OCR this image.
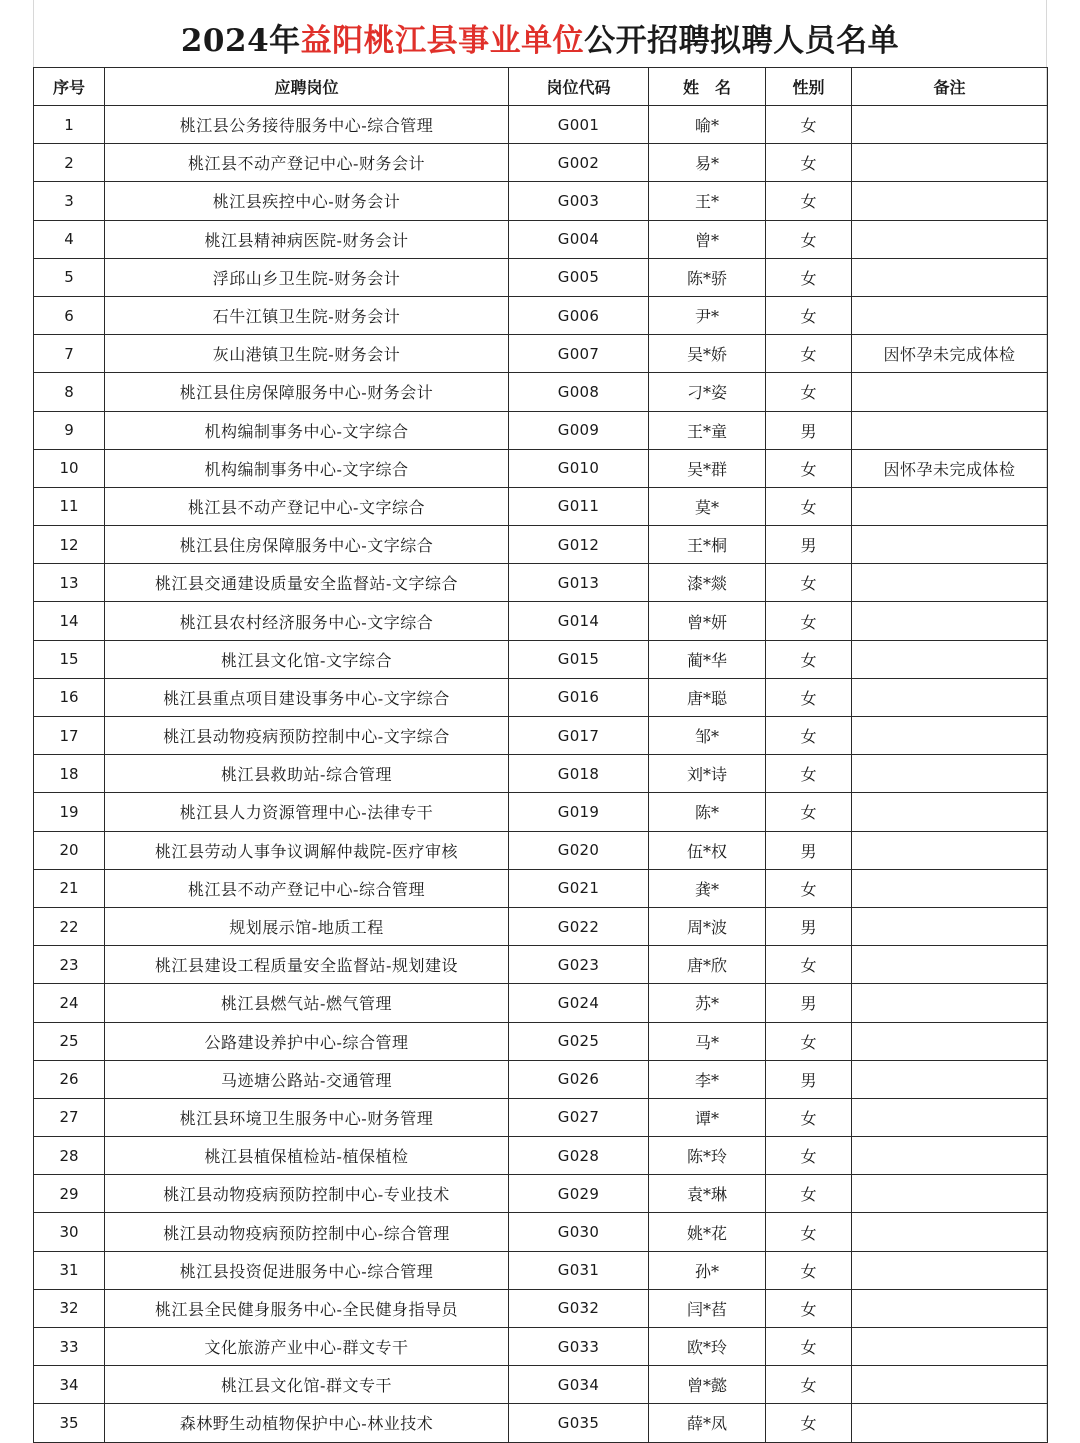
2024年 益阳桃江县事业单位 公开招聘拟聘人员名单
序号	应聘岗位	岗位代码	姓　名	性别	备注
1	桃江县公务接待服务中心-综合管理	G001	喻*	女	
2	桃江县不动产登记中心-财务会计	G002	易*	女	
3	桃江县疾控中心-财务会计	G003	王*	女	
4	桃江县精神病医院-财务会计	G004	曾*	女	
5	浮邱山乡卫生院-财务会计	G005	陈*骄	女	
6	石牛江镇卫生院-财务会计	G006	尹*	女	
7	灰山港镇卫生院-财务会计	G007	吴*娇	女	因怀孕未完成体检
8	桃江县住房保障服务中心-财务会计	G008	刁*姿	女	
9	机构编制事务中心-文字综合	G009	王*童	男	
10	机构编制事务中心-文字综合	G010	吴*群	女	因怀孕未完成体检
11	桃江县不动产登记中心-文字综合	G011	莫*	女	
12	桃江县住房保障服务中心-文字综合	G012	王*桐	男	
13	桃江县交通建设质量安全监督站-文字综合	G013	漆*燚	女	
14	桃江县农村经济服务中心-文字综合	G014	曾*妍	女	
15	桃江县文化馆-文字综合	G015	蔺*华	女	
16	桃江县重点项目建设事务中心-文字综合	G016	唐*聪	女	
17	桃江县动物疫病预防控制中心-文字综合	G017	邹*	女	
18	桃江县救助站-综合管理	G018	刘*诗	女	
19	桃江县人力资源管理中心-法律专干	G019	陈*	女	
20	桃江县劳动人事争议调解仲裁院-医疗审核	G020	伍*权	男	
21	桃江县不动产登记中心-综合管理	G021	龚*	女	
22	规划展示馆-地质工程	G022	周*波	男	
23	桃江县建设工程质量安全监督站-规划建设	G023	唐*欣	女	
24	桃江县燃气站-燃气管理	G024	苏*	男	
25	公路建设养护中心-综合管理	G025	马*	女	
26	马迹塘公路站-交通管理	G026	李*	男	
27	桃江县环境卫生服务中心-财务管理	G027	谭*	女	
28	桃江县植保植检站-植保植检	G028	陈*玲	女	
29	桃江县动物疫病预防控制中心-专业技术	G029	袁*琳	女	
30	桃江县动物疫病预防控制中心-综合管理	G030	姚*花	女	
31	桃江县投资促进服务中心-综合管理	G031	孙*	女	
32	桃江县全民健身服务中心-全民健身指导员	G032	闫*萏	女	
33	文化旅游产业中心-群文专干	G033	欧*玲	女	
34	桃江县文化馆-群文专干	G034	曾*懿	女	
35	森林野生动植物保护中心-林业技术	G035	薛*凤	女	
